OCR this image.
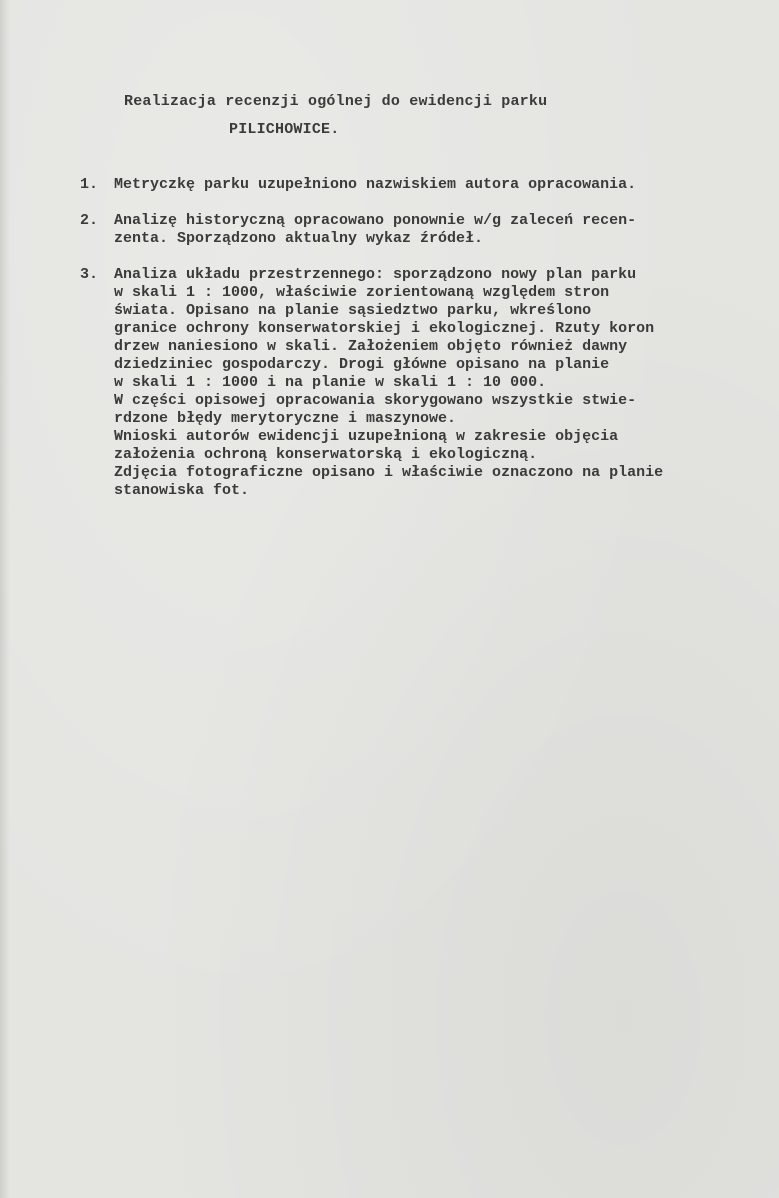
Realizacja recenzji ogólnej do ewidencji parku
PILICHOWICE.
1.	Metryczkę parku uzupełniono nazwiskiem autora opracowania.
2.	Analizę historyczną opracowano ponownie w/g zaleceń recen-
zenta. Sporządzono aktualny wykaz źródeł.
3.	Analiza układu przestrzennego: sporządzono nowy plan parku
w skali 1 : 1000, właściwie zorientowaną względem stron
świata. Opisano na planie sąsiedztwo parku, wkreślono
granice ochrony konserwatorskiej i ekologicznej. Rzuty koron
drzew naniesiono w skali. Założeniem objęto również dawny
dziedziniec gospodarczy. Drogi główne opisano na planie
w skali 1 : 1000 i na planie w skali 1 : 10 000.
W części opisowej opracowania skorygowano wszystkie stwie-
rdzone błędy merytoryczne i maszynowe.
Wnioski autorów ewidencji uzupełnioną w zakresie objęcia
założenia ochroną konserwatorską i ekologiczną.
Zdjęcia fotograficzne opisano i właściwie oznaczono na planie
stanowiska fot.
